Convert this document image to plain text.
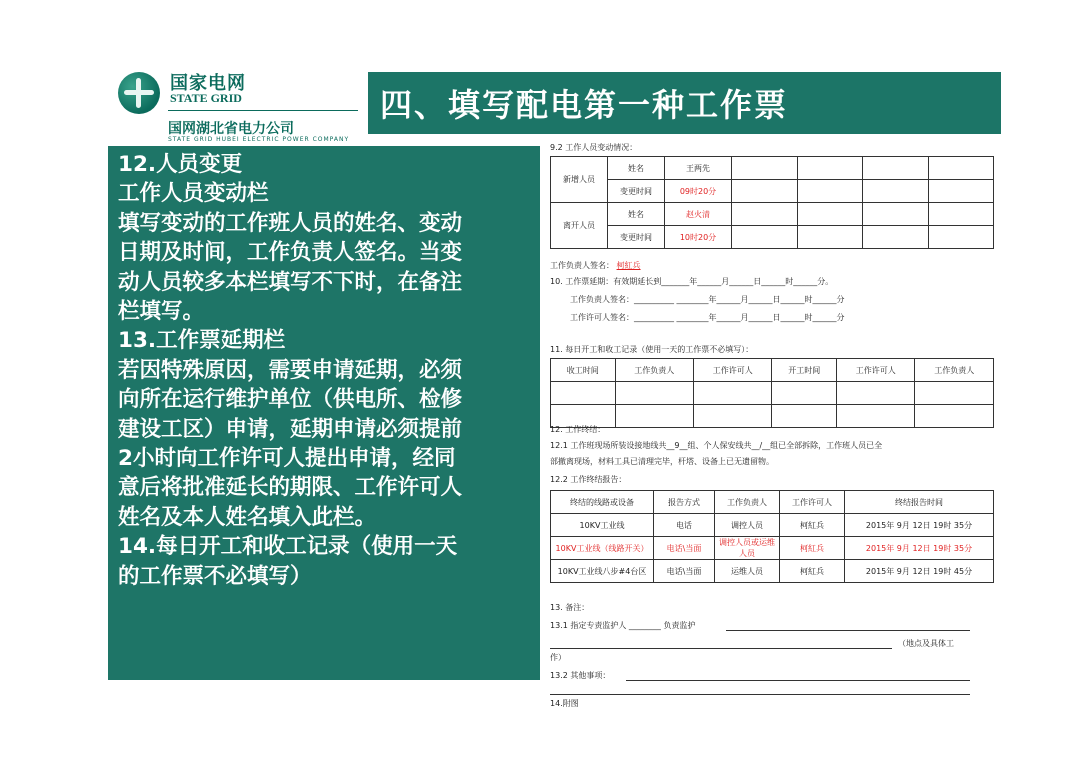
国家电网
STATE GRID
国网湖北省电力公司
STATE GRID HUBEI ELECTRIC POWER COMPANY
四、填写配电第一种工作票
12.人员变更
工作人员变动栏
填写变动的工作班人员的姓名、变动
日期及时间，工作负责人签名。当变
动人员较多本栏填写不下时，在备注
栏填写。
13.工作票延期栏
若因特殊原因，需要申请延期，必须
向所在运行维护单位（供电所、检修
建设工区）申请，延期申请必须提前
2小时向工作许可人提出申请，经同
意后将批准延长的期限、工作许可人
姓名及本人姓名填入此栏。
14.每日开工和收工记录（使用一天
的工作票不必填写）
9.2 工作人员变动情况：
新增人员	姓名	王两先				
	变更时间	09时20分				
离开人员	姓名	赵火清				
	变更时间	10时20分				
工作负责人签名： 柯紅兵
10. 工作票延期：有效期延长到_______年______月______日______时______分。
工作负责人签名：__________ ________年______月______日______时______分
工作许可人签名：__________ ________年______月______日______时______分
11. 每日开工和收工记录（使用一天的工作票不必填写）：
收工时间	工作负责人	工作许可人	开工时间	工作许可人	工作负责人

12. 工作终结：
12.1 工作班现场所装设接地线共__9__组、个人保安线共__/__组已全部拆除，工作班人员已全
部撤离现场，材料工具已清理完毕，杆塔、设备上已无遗留物。
12.2 工作终结报告：
终结的线路或设备	报告方式	工作负责人	工作许可人	终结报告时间
10KV工业线	电话	调控人员	柯紅兵	2015年 9月 12日 19时 35分
10KV工业线（线路开关）	电话\当面	调控人员或运维人员	柯紅兵	2015年 9月 12日 19时 35分
10KV工业线八步#4台区	电话\当面	运维人员	柯紅兵	2015年 9月 12日 19时 45分
13. 备注：
13.1 指定专责监护人 ________ 负责监护
（地点及具体工
作）
13.2 其他事项：
14.附图
